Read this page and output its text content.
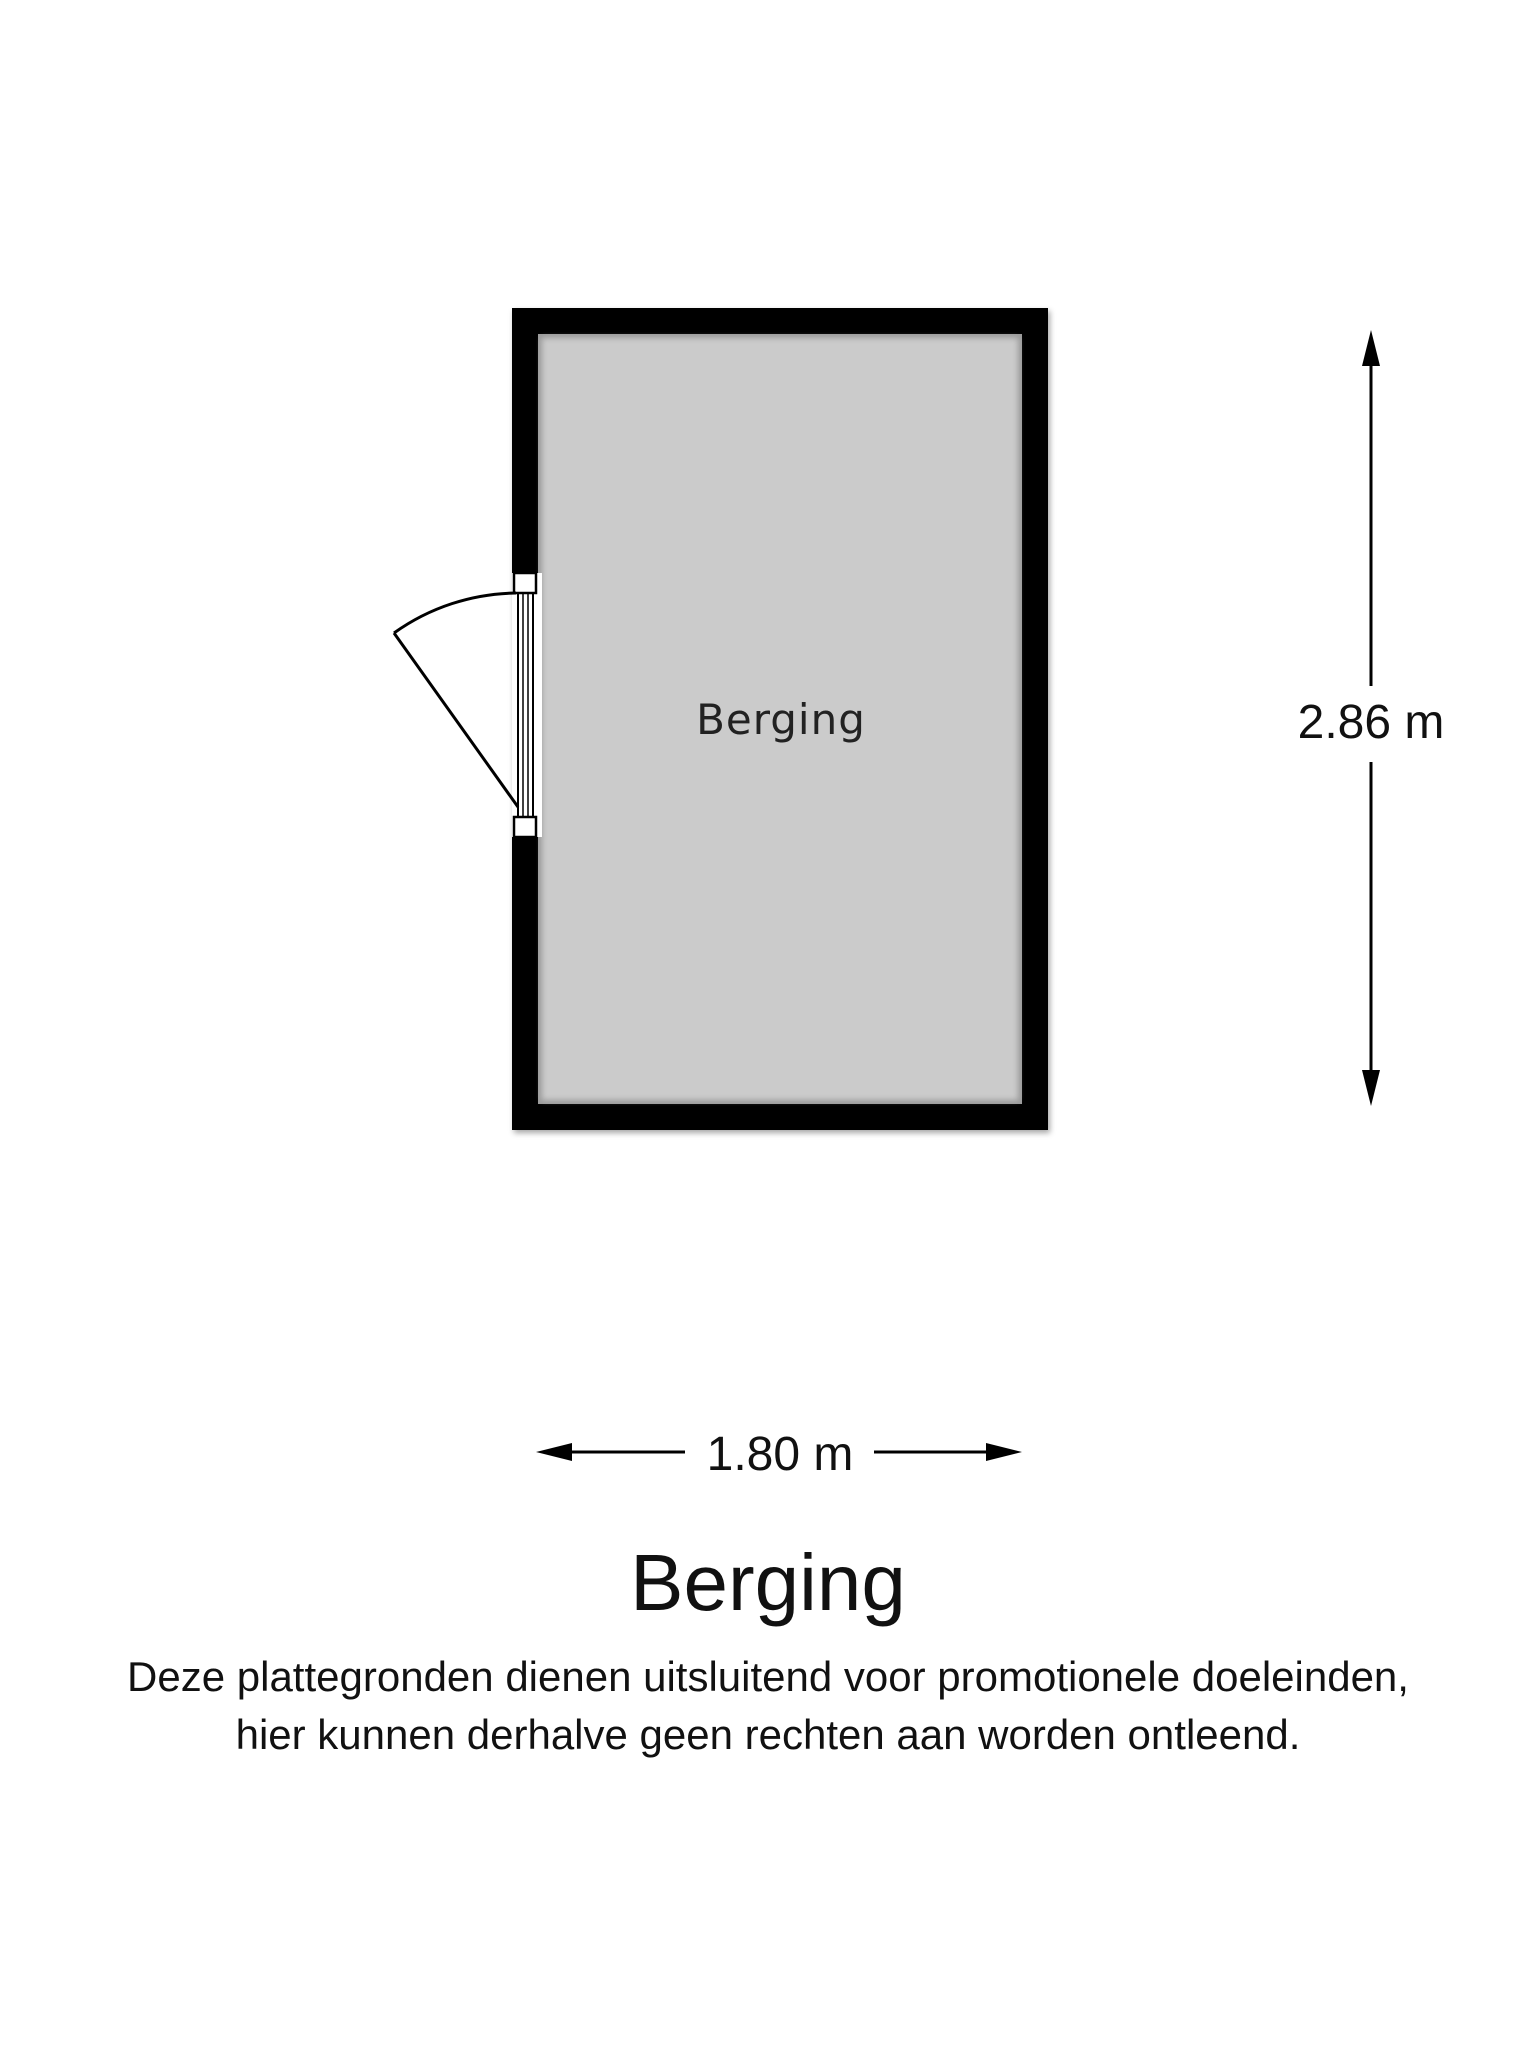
Berging	2.86 m
1.80 m
Berging
Deze plattegronden dienen uitsluitend voor promotionele doeleinden,
hier kunnen derhalve geen rechten aan worden ontleend.
